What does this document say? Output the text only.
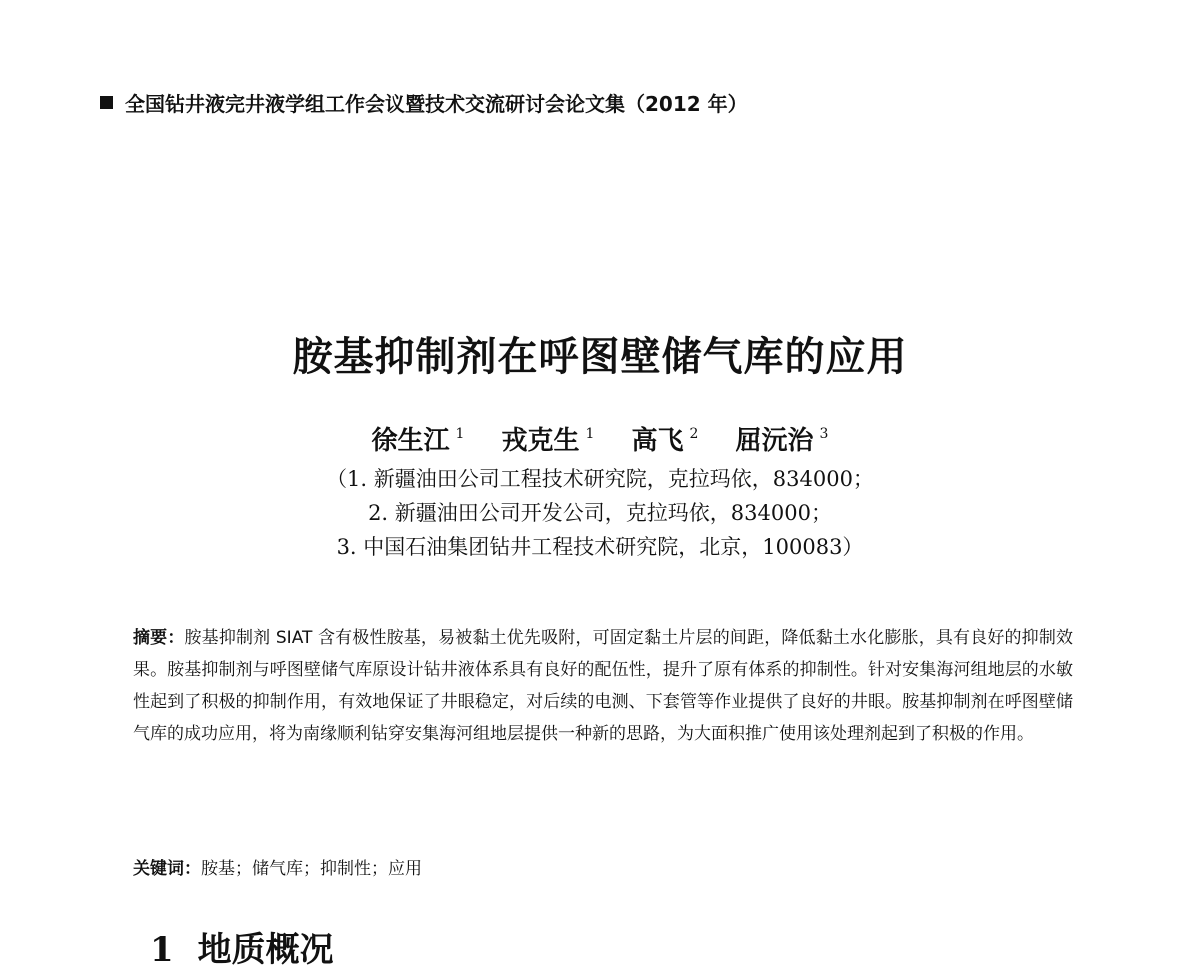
全国钻井液完井液学组工作会议暨技术交流研讨会论文集（2012 年）
胺基抑制剂在呼图壁储气库的应用
徐生江 $^1$ 戎克生 $^1$ 高飞 $^2$ 屈沅治 $^3$
（1. 新疆油田公司工程技术研究院，克拉玛依，834000；
2. 新疆油田公司开发公司，克拉玛依，834000；
3. 中国石油集团钻井工程技术研究院，北京，100083）
摘要：胺基抑制剂 SIAT 含有极性胺基，易被黏土优先吸附，可固定黏土片层的间距，降低黏土水化膨胀，具有良好的抑制效果。胺基抑制剂与呼图壁储气库原设计钻井液体系具有良好的配伍性，提升了原有体系的抑制性。针对安集海河组地层的水敏性起到了积极的抑制作用，有效地保证了井眼稳定，对后续的电测、下套管等作业提供了良好的井眼。胺基抑制剂在呼图壁储气库的成功应用，将为南缘顺利钻穿安集海河组地层提供一种新的思路，为大面积推广使用该处理剂起到了积极的作用。
关键词：胺基；储气库；抑制性；应用
1 地质概况
